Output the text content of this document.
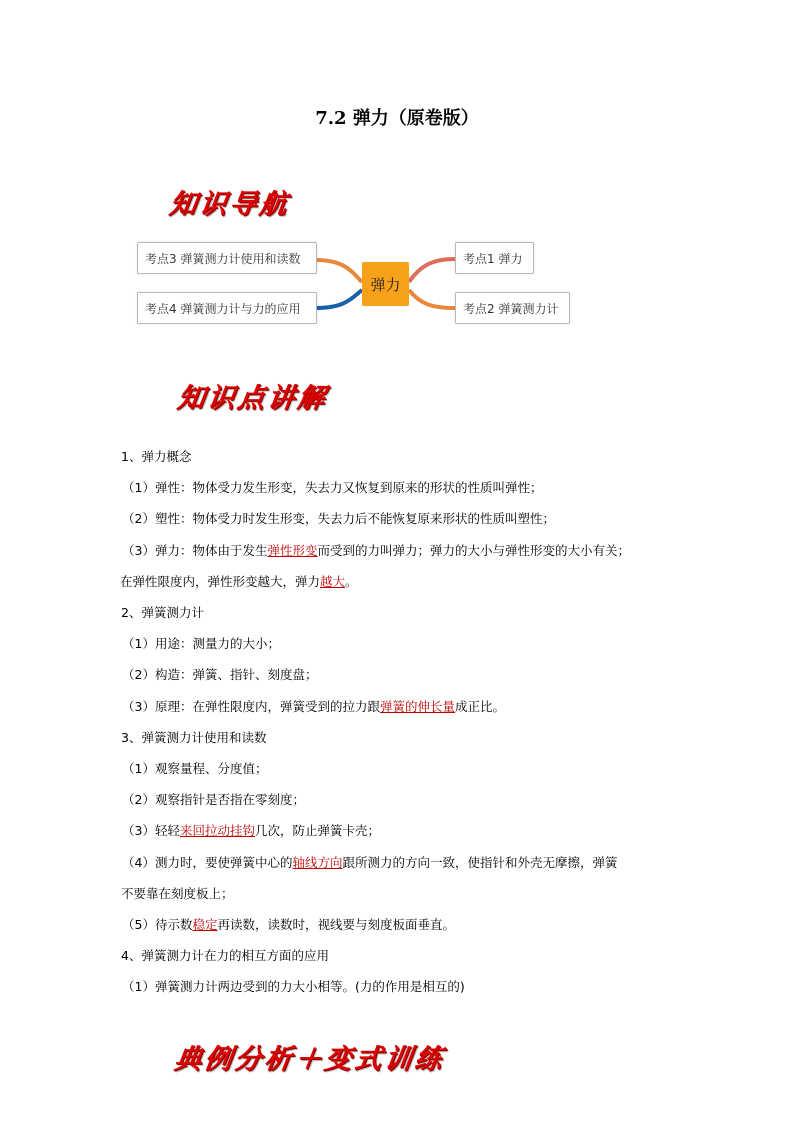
7.2 弹力（原卷版）
知识导航
考点3 弹簧测力计使用和读数
考点4 弹簧测力计与力的应用
考点1 弹力
考点2 弹簧测力计
弹力
知识点讲解

1、弹力概念

（1）弹性：物体受力发生形变，失去力又恢复到原来的形状的性质叫弹性；

（2）塑性：物体受力时发生形变，失去力后不能恢复原来形状的性质叫塑性；

（3）弹力：物体由于发生弹性形变而受到的力叫弹力；弹力的大小与弹性形变的大小有关；

在弹性限度内，弹性形变越大，弹力越大。

2、弹簧测力计

（1）用途：测量力的大小；

（2）构造：弹簧、指针、刻度盘；

（3）原理：在弹性限度内，弹簧受到的拉力跟弹簧的伸长量成正比。

3、弹簧测力计使用和读数

（1）观察量程、分度值；

（2）观察指针是否指在零刻度；

（3）轻轻来回拉动挂钩几次，防止弹簧卡壳；

（4）测力时，要使弹簧中心的轴线方向跟所测力的方向一致，使指针和外壳无摩擦，弹簧

不要靠在刻度板上；

（5）待示数稳定再读数，读数时，视线要与刻度板面垂直。

4、弹簧测力计在力的相互方面的应用

（1）弹簧测力计两边受到的力大小相等。(力的作用是相互的)

典例分析＋变式训练
